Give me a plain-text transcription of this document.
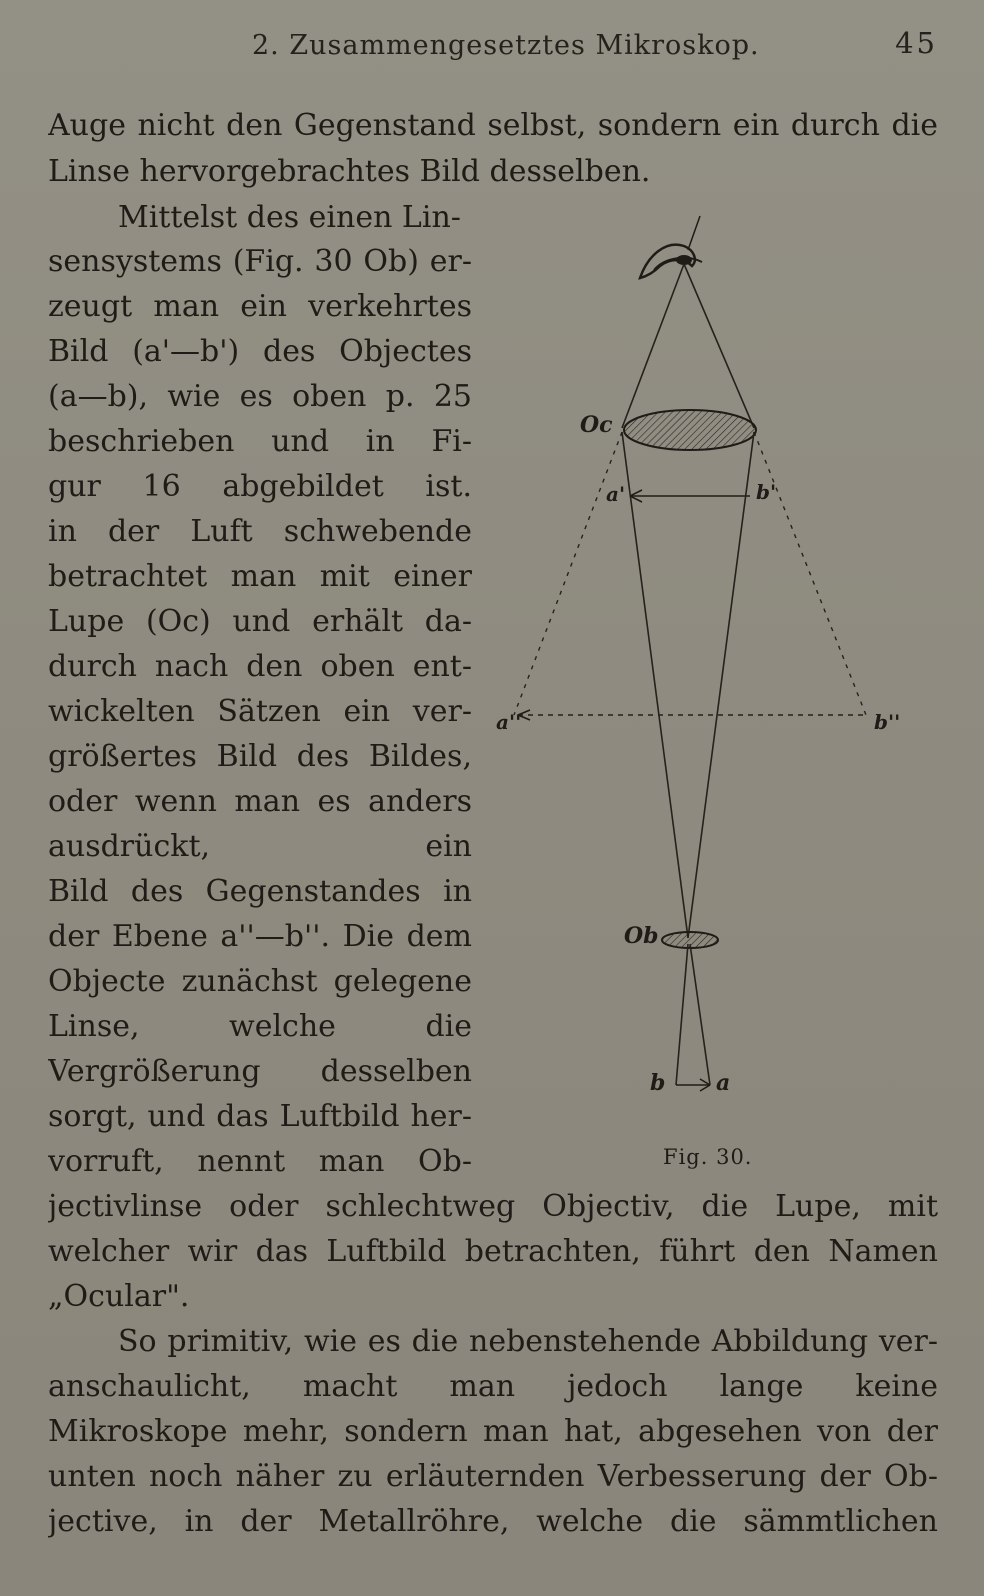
2. Zusammengesetztes Mikroskop.	45
Auge nicht den Gegenstand selbst, sondern ein durch die
Linse hervorgebrachtes Bild desselben.
Mittelst des einen Lin-
sensystems (Fig. 30 Ob) er-
zeugt man ein verkehrtes
Bild (a'—b') des Objectes
(a—b), wie es oben p. 25
beschrieben und in Fi-
gur 16 abgebildet ist.
in der Luft schwebende
betrachtet man mit einer
Lupe (Oc) und erhält da-
durch nach den oben ent-
wickelten Sätzen ein ver-
größertes Bild des Bildes,
oder wenn man es anders
ausdrückt, ein
Bild des Gegenstandes in
der Ebene a''—b''. Die dem
Objecte zunächst gelegene
Linse, welche die
Vergrößerung desselben
sorgt, und das Luftbild her-
vorruft, nennt man Ob-
jectivlinse oder schlechtweg Objectiv, die Lupe, mit
welcher wir das Luftbild betrachten, führt den Namen
„Ocular".
So primitiv, wie es die nebenstehende Abbildung ver-
anschaulicht, macht man jedoch lange keine
Mikroskope mehr, sondern man hat, abgesehen von der
unten noch näher zu erläuternden Verbesserung der Ob-
jective, in der Metallröhre, welche die sämmtlichen
Oc
a'	b'
a''	b''
Ob
b a
Fig. 30.
